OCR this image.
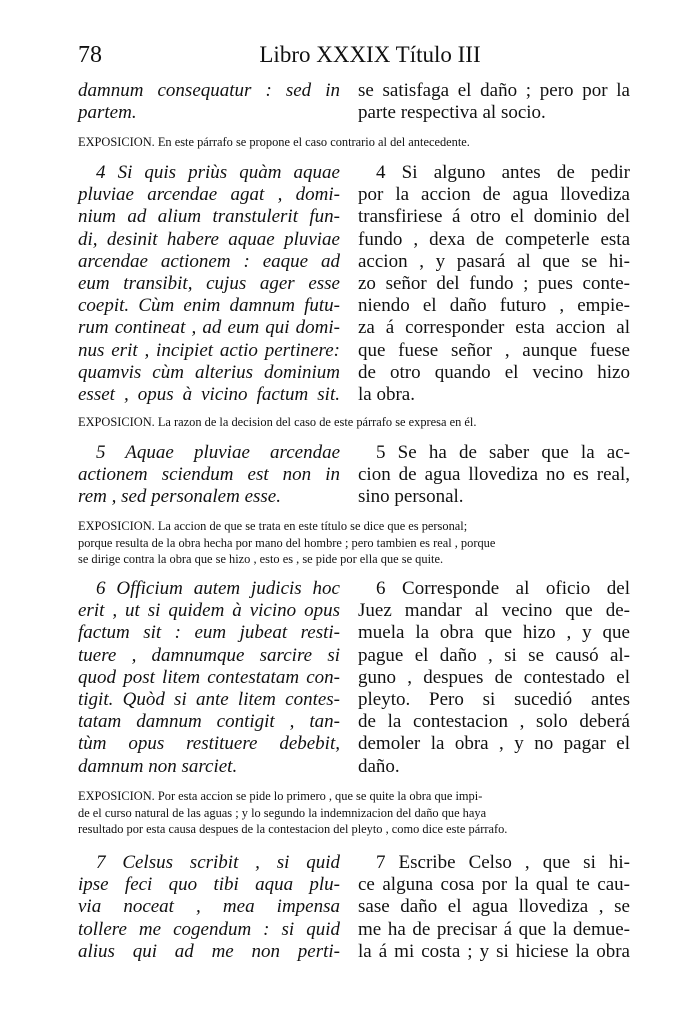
78	Libro XXXIX Título III
damnum consequatur : sed in
partem.
se satisfaga el daño ; pero por la
parte respectiva al socio.
EXPOSICION. En este párrafo se propone el caso contrario al del antecedente.
4 Si quis priùs quàm aquae
pluviae arcendae agat , domi-
nium ad alium transtulerit fun-
di, desinit habere aquae pluviae
arcendae actionem : eaque ad
eum transibit, cujus ager esse
coepit. Cùm enim damnum futu-
rum contineat , ad eum qui domi-
nus erit , incipiet actio pertinere:
quamvis cùm alterius dominium
esset , opus à vicino factum sit.
4 Si alguno antes de pedir
por la accion de agua llovediza
transfiriese á otro el dominio del
fundo , dexa de competerle esta
accion , y pasará al que se hi-
zo señor del fundo ; pues conte-
niendo el daño futuro , empie-
za á corresponder esta accion al
que fuese señor , aunque fuese
de otro quando el vecino hizo
la obra.
EXPOSICION. La razon de la decision del caso de este párrafo se expresa en él.
5 Aquae pluviae arcendae
actionem sciendum est non in
rem , sed personalem esse.
5 Se ha de saber que la ac-
cion de agua llovediza no es real,
sino personal.
EXPOSICION. La accion de que se trata en este título se dice que es personal;
porque resulta de la obra hecha por mano del hombre ; pero tambien es real , porque
se dirige contra la obra que se hizo , esto es , se pide por ella que se quite.
6 Officium autem judicis hoc
erit , ut si quidem à vicino opus
factum sit : eum jubeat resti-
tuere , damnumque sarcire si
quod post litem contestatam con-
tigit. Quòd si ante litem contes-
tatam damnum contigit , tan-
tùm opus restituere debebit,
damnum non sarciet.
6 Corresponde al oficio del
Juez mandar al vecino que de-
muela la obra que hizo , y que
pague el daño , si se causó al-
guno , despues de contestado el
pleyto. Pero si sucedió antes
de la contestacion , solo deberá
demoler la obra , y no pagar el
daño.
EXPOSICION. Por esta accion se pide lo primero , que se quite la obra que impi-
de el curso natural de las aguas ; y lo segundo la indemnizacion del daño que haya
resultado por esta causa despues de la contestacion del pleyto , como dice este párrafo.
7 Celsus scribit , si quid
ipse feci quo tibi aqua plu-
via noceat , mea impensa
tollere me cogendum : si quid
alius qui ad me non perti-
7 Escribe Celso , que si hi-
ce alguna cosa por la qual te cau-
sase daño el agua llovediza , se
me ha de precisar á que la demue-
la á mi costa ; y si hiciese la obra
